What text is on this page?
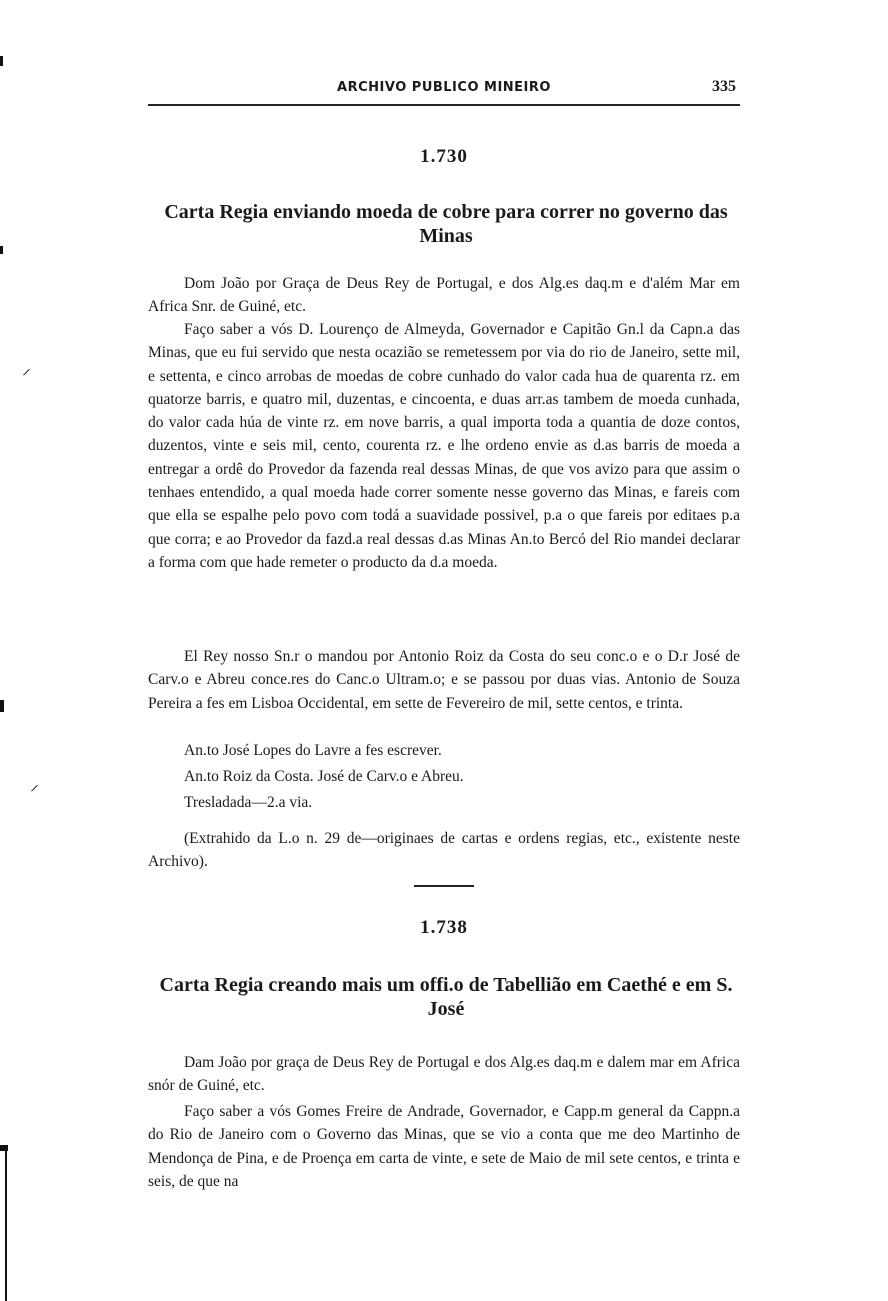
⸝
⸝
ARCHIVO PUBLICO MINEIRO	335
1.730
Carta Regia enviando moeda de cobre para correr no governo das Minas

Dom João por Graça de Deus Rey de Portugal, e dos Alg.es daq.m e d'além Mar em Africa Snr. de Guiné, etc.

Faço saber a vós D. Lourenço de Almeyda, Governador e Capitão Gn.l da Capn.a das Minas, que eu fui servido que nesta ocazião se remetessem por via do rio de Janeiro, sette mil, e settenta, e cinco arrobas de moedas de cobre cunhado do valor cada hua de quarenta rz. em quatorze barris, e quatro mil, duzentas, e cincoenta, e duas arr.as tambem de moeda cunhada, do valor cada húa de vinte rz. em nove barris, a qual importa toda a quantia de doze contos, duzentos, vinte e seis mil, cento, courenta rz. e lhe ordeno envie as d.as barris de moeda a entregar a ordê do Provedor da fazenda real dessas Minas, de que vos avizo para que assim o tenhaes entendido, a qual moeda hade correr somente nesse governo das Minas, e fareis com que ella se espalhe pelo povo com todá a suavidade possivel, p.a o que fareis por editaes p.a que corra; e ao Provedor da fazd.a real dessas d.as Minas An.to Bercó del Rio mandei declarar a forma com que hade remeter o producto da d.a moeda.

El Rey nosso Sn.r o mandou por Antonio Roiz da Costa do seu conc.o e o D.r José de Carv.o e Abreu conce.res do Canc.o Ultram.o; e se passou por duas vias. Antonio de Souza Pereira a fes em Lisboa Occidental, em sette de Fevereiro de mil, sette centos, e trinta.

An.to José Lopes do Lavre a fes escrever.

An.to Roiz da Costa. José de Carv.o e Abreu.

Tresladada—2.a via.

(Extrahido da L.o n. 29 de—originaes de cartas e ordens regias, etc., existente neste Archivo).

1.738
Carta Regia creando mais um offi.o de Tabellião em Caethé e em S. José

Dam João por graça de Deus Rey de Portugal e dos Alg.es daq.m e dalem mar em Africa snór de Guiné, etc.

Faço saber a vós Gomes Freire de Andrade, Governador, e Capp.m general da Cappn.a do Rio de Janeiro com o Governo das Minas, que se vio a conta que me deo Martinho de Mendonça de Pina, e de Proença em carta de vinte, e sete de Maio de mil sete centos, e trinta e seis, de que na
